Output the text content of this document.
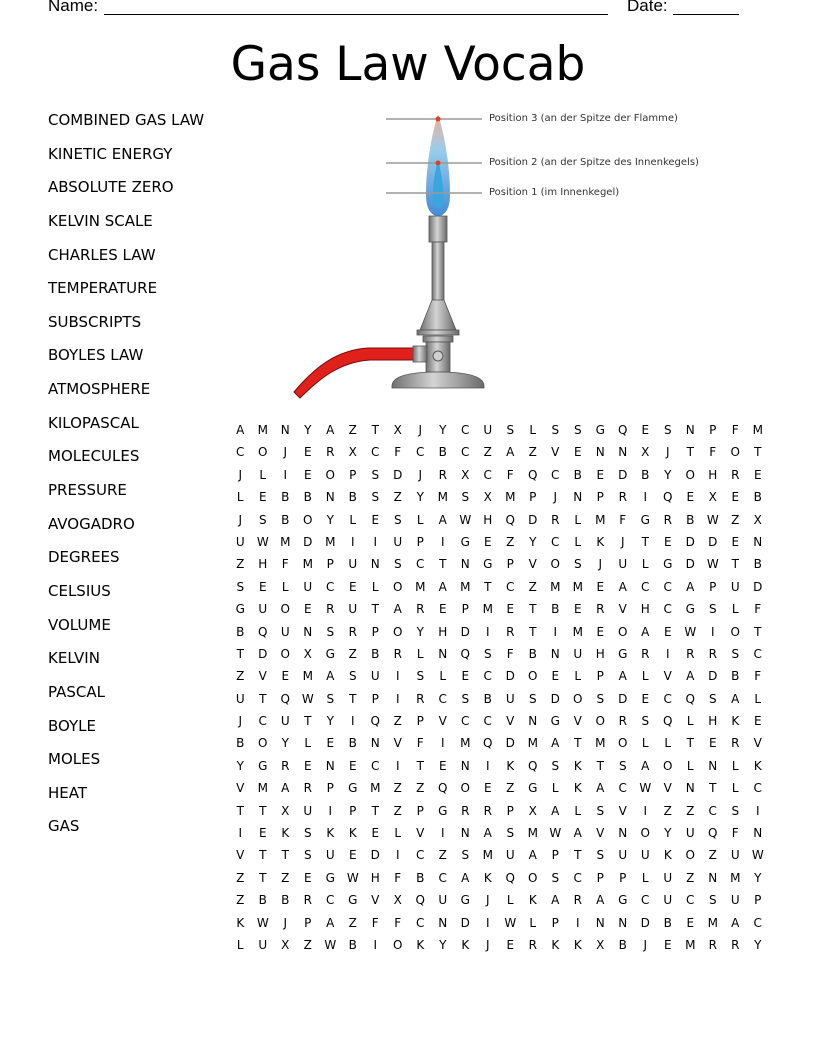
Name:	Date:
Gas Law Vocab
COMBINED GAS LAW
KINETIC ENERGY
ABSOLUTE ZERO
KELVIN SCALE
CHARLES LAW
TEMPERATURE
SUBSCRIPTS
BOYLES LAW
ATMOSPHERE
KILOPASCAL
MOLECULES
PRESSURE
AVOGADRO
DEGREES
CELSIUS
VOLUME
KELVIN
PASCAL
BOYLE
MOLES
HEAT
GAS
Position 3 (an der Spitze der Flamme)
Position 2 (an der Spitze des Innenkegels)
Position 1 (im Innenkegel)
A	M	N	Y	A	Z	T	X	J	Y	C	U	S	L	S	S	G	Q	E	S	N	P	F	M
C	O	J	E	R	X	C	F	C	B	C	Z	A	Z	V	E	N	N	X	J	T	F	O	T
J	L	I	E	O	P	S	D	J	R	X	C	F	Q	C	B	E	D	B	Y	O	H	R	E
L	E	B	B	N	B	S	Z	Y	M	S	X	M	P	J	N	P	R	I	Q	E	X	E	B
J	S	B	O	Y	L	E	S	L	A	W	H	Q	D	R	L	M	F	G	R	B	W	Z	X
U	W M	D	M	I	I	U	P	I	G	E	Z	Y	C	L	K	J	T	E	D	D	E	N
Z	H	F	M	P	U	N	S	C	T	N	G	P	V	O	S	J	U	L	G	D W	T	B
S	E	L	U	C	E	L	O	M	A	M	T	C	Z	M	M	E	A	C	C	A	P	U	D
G	U	O	E	R	U	T	A	R	E	P	M	E	T	B	E	R	V	H	C	G	S	L	F
B	Q	U	N	S	R	P	O	Y	H	D	I	R	T	I	M	E	O	A	E	W	I	O	T
T	D	O	X	G	Z	B	R	L	N	Q	S	F	B	N	U	H	G	R	I	R	R	S	C
Z	V	E	M	A	S	U	I	S	L	E	C	D	O	E	L	P	A	L	V	A	D	B	F
U	T	Q W	S	T	P	I	R	C	S	B	U	S	D	O	S	D	E	C	Q	S	A	L
J	C	U	T	Y	I	Q	Z	P	V	C	C	V	N	G	V	O	R	S	Q	L	H	K	E
B	O	Y	L	E	B	N	V	F	I	M	Q	D	M	A	T	M	O	L	L	T	E	R	V
Y	G	R	E	N	E	C	I	T	E	N	I	K	Q	S	K	T	S	A	O	L	N	L	K
V	M	A	R	P	G	M	Z	Z	Q	O	E	Z	G	L	K	A	C	W	V	N	T	L	C
T	T	X	U	I	P	T	Z	P	G	R	R	P	X	A	L	S	V	I	Z	Z	C	S	I
I	E	K	S	K	K	E	L	V	I	N	A	S	M W	A	V	N	O	Y	U	Q	F	N
V	T	T	S	U	E	D	I	C	Z	S	M	U	A	P	T	S	U	U	K	O	Z	U	W
Z	T	Z	E	G W	H	F	B	C	A	K	Q	O	S	C	P	P	L	U	Z	N	M	Y
Z	B	B	R	C	G	V	X	Q	U	G	J	L	K	A	R	A	G	C	U	C	S	U	P
K	W	J	P	A	Z	F	F	C	N	D	I	W	L	P	I	N	N	D	B	E	M	A	C
L	U	X	Z	W	B	I	O	K	Y	K	J	E	R	K	K	X	B	J	E	M	R	R	Y
